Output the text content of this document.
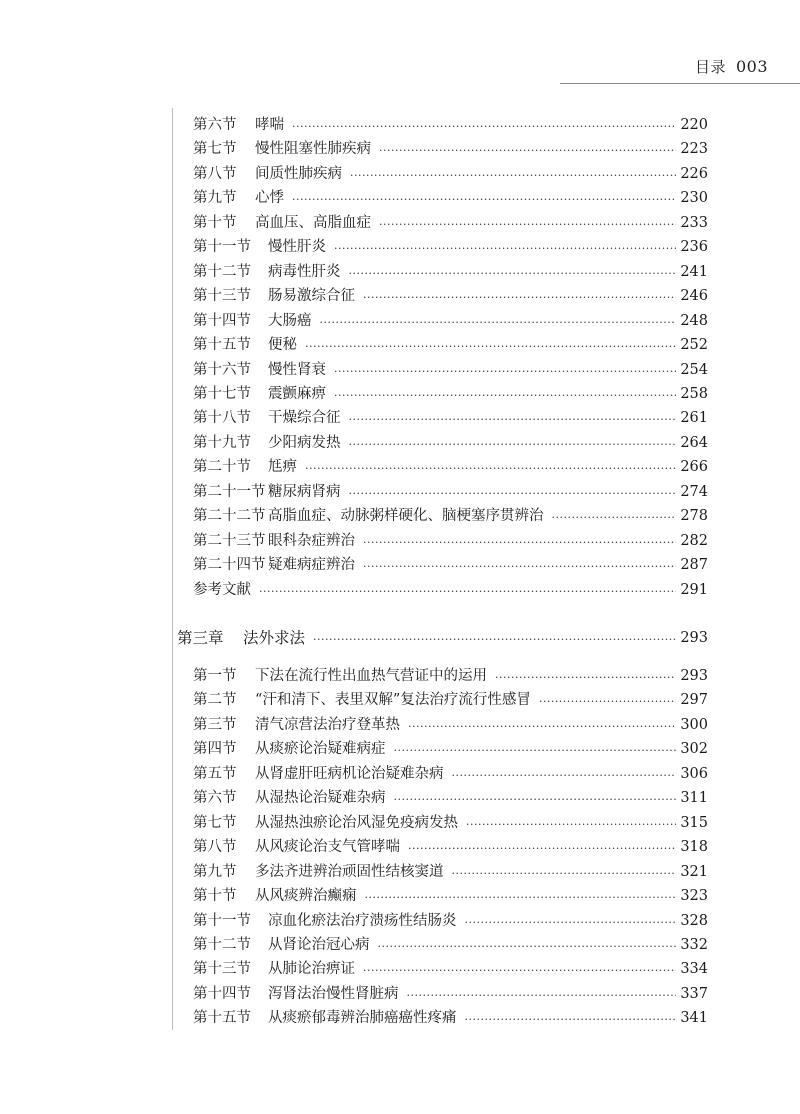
目录 003
第六节	哮喘 ·····	220
第七节	慢性阻塞性肺疾病 ·····	223
第八节	间质性肺疾病 ·····	226
第九节	心悸 ·····	230
第十节	高血压、高脂血症 ·····	233
第十一节	慢性肝炎 ·····	236
第十二节	病毒性肝炎 ·····	241
第十三节	肠易激综合征 ·····	246
第十四节	大肠癌 ·····	248
第十五节	便秘 ·····	252
第十六节	慢性肾衰 ·····	254
第十七节	震颤麻痹 ·····	258
第十八节	干燥综合征 ·····	261
第十九节	少阳病发热 ·····	264
第二十节	尪痹 ·····	266
第二十一节 糖尿病肾病 ·····	274
第二十二节 高脂血症、动脉粥样硬化、脑梗塞序贯辨治 ·····	278
第二十三节 眼科杂症辨治 ·····	282
第二十四节 疑难病症辨治 ·····	287
参考文献 ·····	291
第三章	法外求法 ·····	293
第一节	下法在流行性出血热气营证中的运用 ·····	293
第二节	“汗和清下、表里双解”复法治疗流行性感冒 ·····	297
第三节	清气凉营法治疗登革热 ·····	300
第四节	从痰瘀论治疑难病症 ·····	302
第五节	从肾虚肝旺病机论治疑难杂病 ·····	306
第六节	从湿热论治疑难杂病 ·····	311
第七节	从湿热浊瘀论治风湿免疫病发热 ·····	315
第八节	从风痰论治支气管哮喘 ·····	318
第九节	多法齐进辨治顽固性结核窦道 ·····	321
第十节	从风痰辨治癫痫 ·····	323
第十一节	凉血化瘀法治疗溃疡性结肠炎 ·····	328
第十二节	从肾论治冠心病 ·····	332
第十三节	从肺论治痹证 ·····	334
第十四节	泻肾法治慢性肾脏病 ·····	337
第十五节	从痰瘀郁毒辨治肺癌癌性疼痛 ·····	341
